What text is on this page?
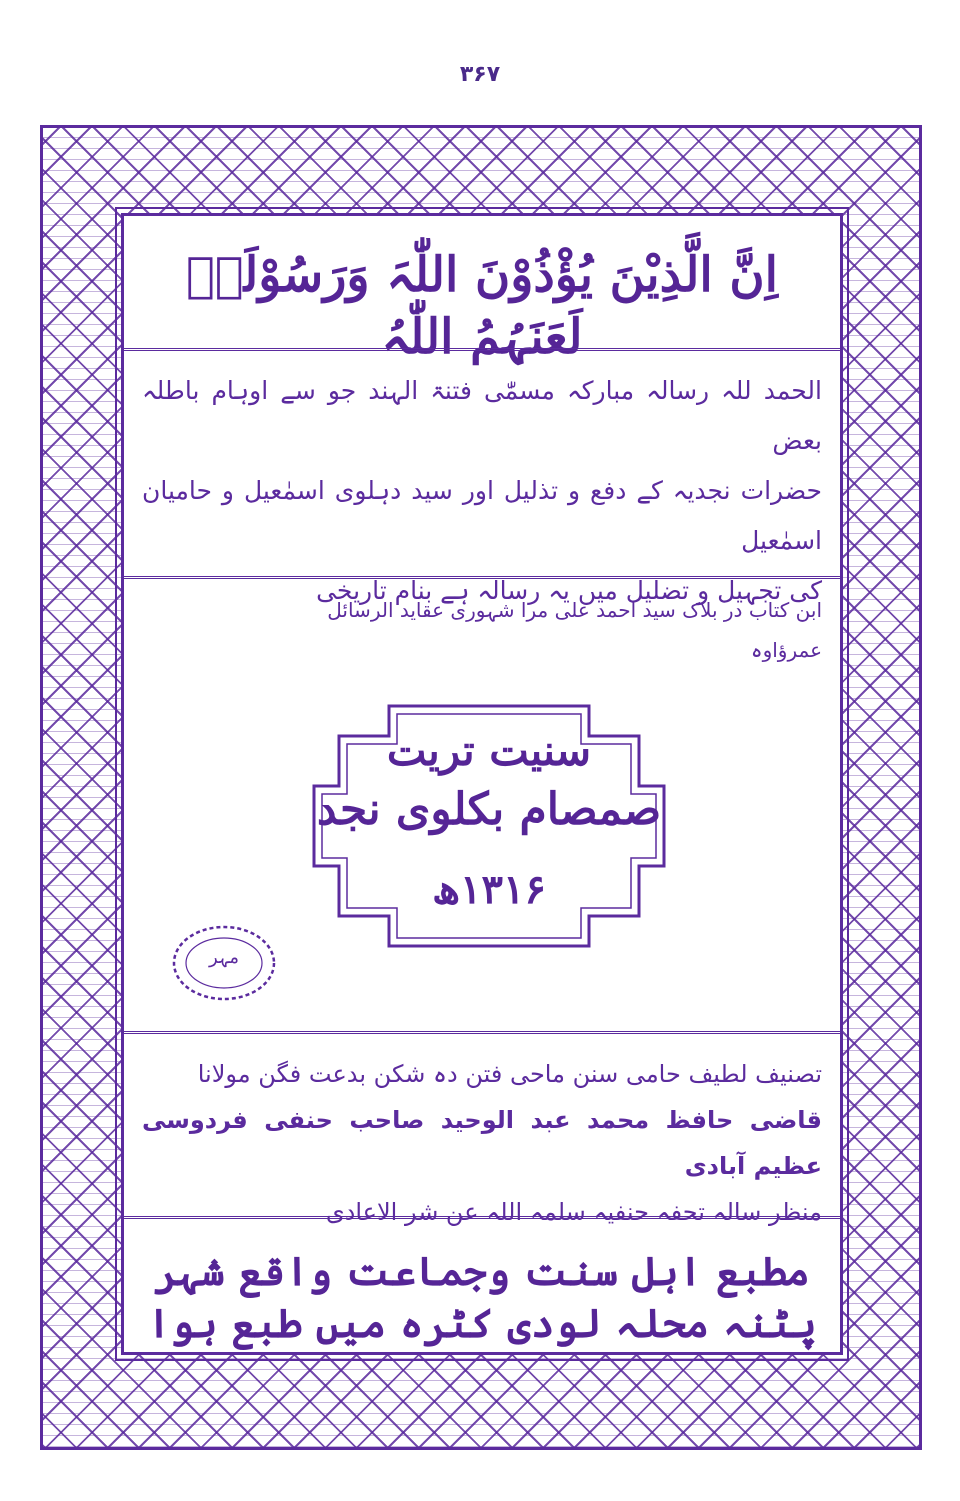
۳۶۷
اِنَّ الَّذِیْنَ یُؤْذُوْنَ اللّٰہَ وَرَسُوْلَہٗ لَعَنَہُمُ اللّٰہُ

الحمد للہ رسالہ مبارکہ مسمّٰی فتنۃ الہند جو سے اوہام باطلہ بعض

حضرات نجدیہ کے دفع و تذلیل اور سید دہلوی اسمٰعیل و حامیان اسمٰعیل

کی تجہیل و تضلیل میں یہ رسالہ ہے بنام تاریخی

ابن کتاب در بلاک سید احمد علی مرا شہوری عقاید الرسائل
عمرؤاوہ
سنیت تریت
صمصام بکلوی نجد
۱۳۱۶ھ
مہر

تصنیف لطیف حامی سنن ماحی فتن دہ شکن بدعت فگن مولانا

قاضی حافظ محمد عبد الوحید صاحب حنفی فردوسی عظیم آبادی

منظر سالہ تحفہ حنفیہ سلمہ اللہ عن شر الاعادی

مطبع اہل سنت وجماعت واقع شہر پٹنہ محلہ لودی کٹرہ میں طبع ہوا
